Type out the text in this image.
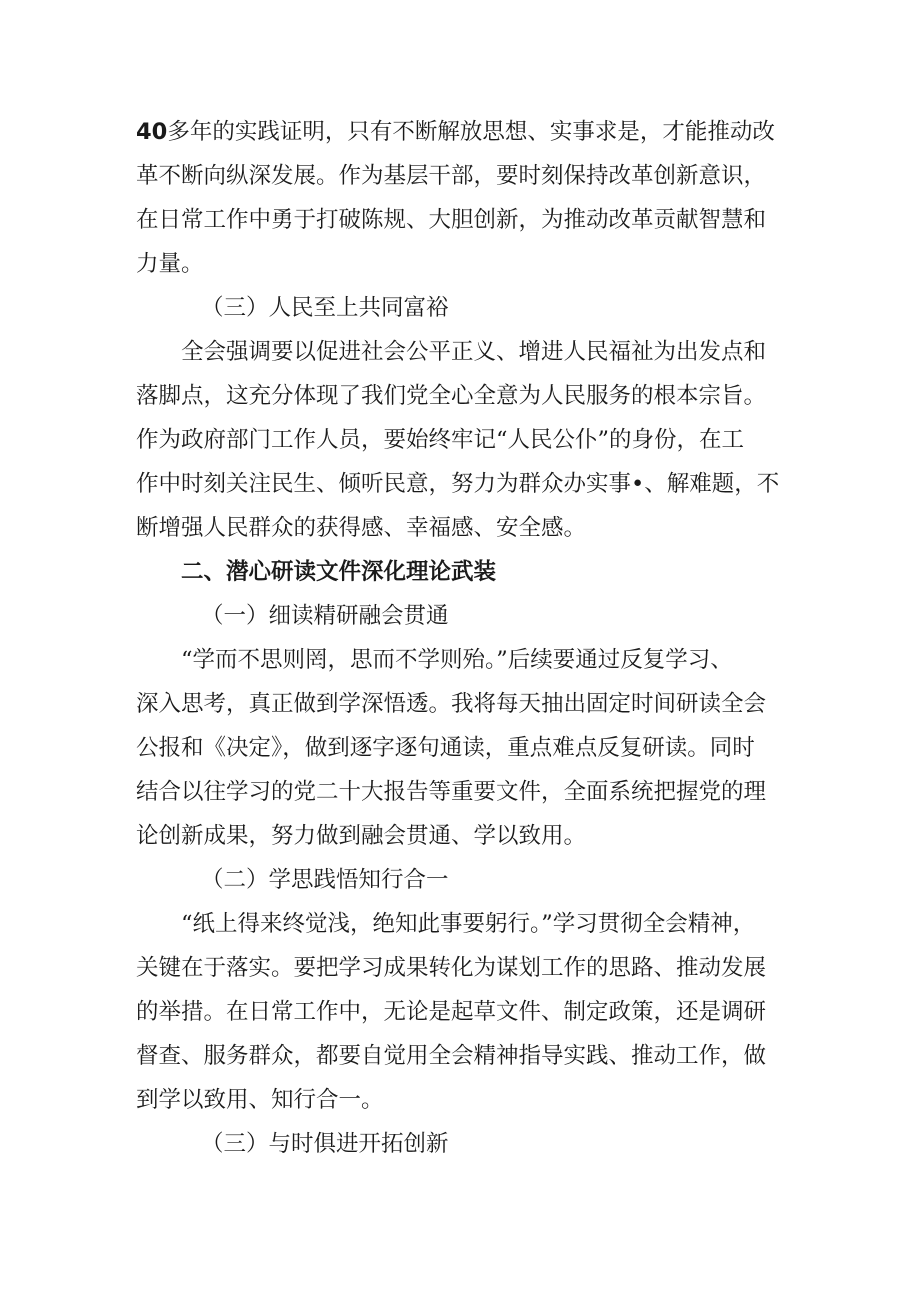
40多年的实践证明，只有不断解放思想、实事求是，才能推动改
革不断向纵深发展。作为基层干部，要时刻保持改革创新意识，
在日常工作中勇于打破陈规、大胆创新，为推动改革贡献智慧和
力量。
（三）人民至上共同富裕
全会强调要以促进社会公平正义、增进人民福祉为出发点和
落脚点，这充分体现了我们党全心全意为人民服务的根本宗旨。
作为政府部门工作人员，要始终牢记“人民公仆”的身份，在工
作中时刻关注民生、倾听民意，努力为群众办实事•、解难题，不
断增强人民群众的获得感、幸福感、安全感。
二、潜心研读文件深化理论武装
（一）细读精研融会贯通
“学而不思则罔，思而不学则殆。”后续要通过反复学习、
深入思考，真正做到学深悟透。我将每天抽出固定时间研读全会
公报和《决定》，做到逐字逐句通读，重点难点反复研读。同时
结合以往学习的党二十大报告等重要文件，全面系统把握党的理
论创新成果，努力做到融会贯通、学以致用。
（二）学思践悟知行合一
“纸上得来终觉浅，绝知此事要躬行。”学习贯彻全会精神，
关键在于落实。要把学习成果转化为谋划工作的思路、推动发展
的举措。在日常工作中，无论是起草文件、制定政策，还是调研
督查、服务群众，都要自觉用全会精神指导实践、推动工作，做
到学以致用、知行合一。
（三）与时俱进开拓创新
